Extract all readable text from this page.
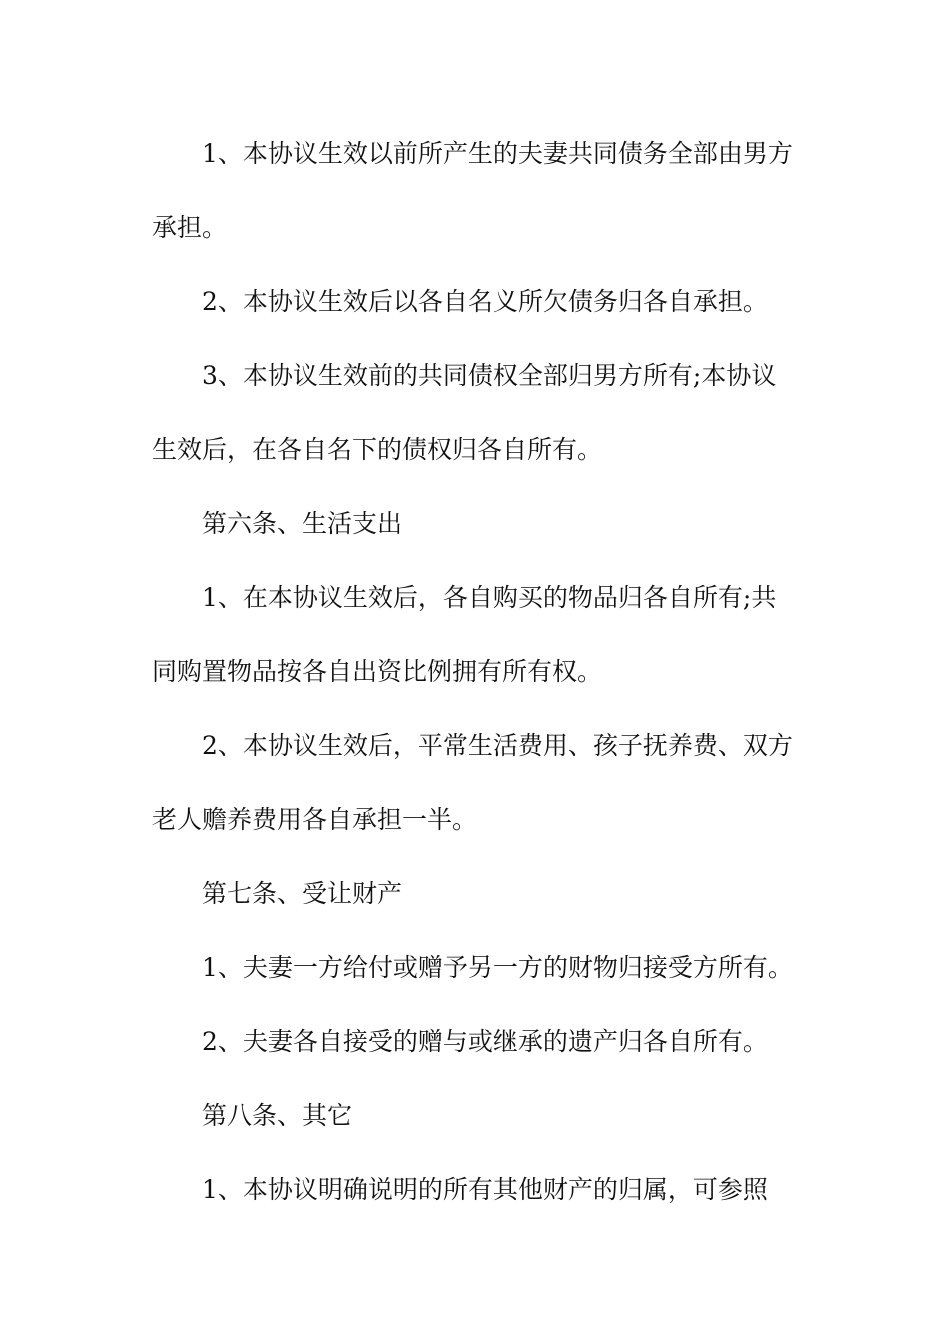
1、本协议生效以前所产生的夫妻共同债务全部由男方

承担。

2、本协议生效后以各自名义所欠债务归各自承担。

3、本协议生效前的共同债权全部归男方所有;本协议

生效后，在各自名下的债权归各自所有。

第六条、生活支出

1、在本协议生效后，各自购买的物品归各自所有;共

同购置物品按各自出资比例拥有所有权。

2、本协议生效后，平常生活费用、孩子抚养费、双方

老人赡养费用各自承担一半。

第七条、受让财产

1、夫妻一方给付或赠予另一方的财物归接受方所有。

2、夫妻各自接受的赠与或继承的遗产归各自所有。

第八条、其它

1、本协议明确说明的所有其他财产的归属，可参照
